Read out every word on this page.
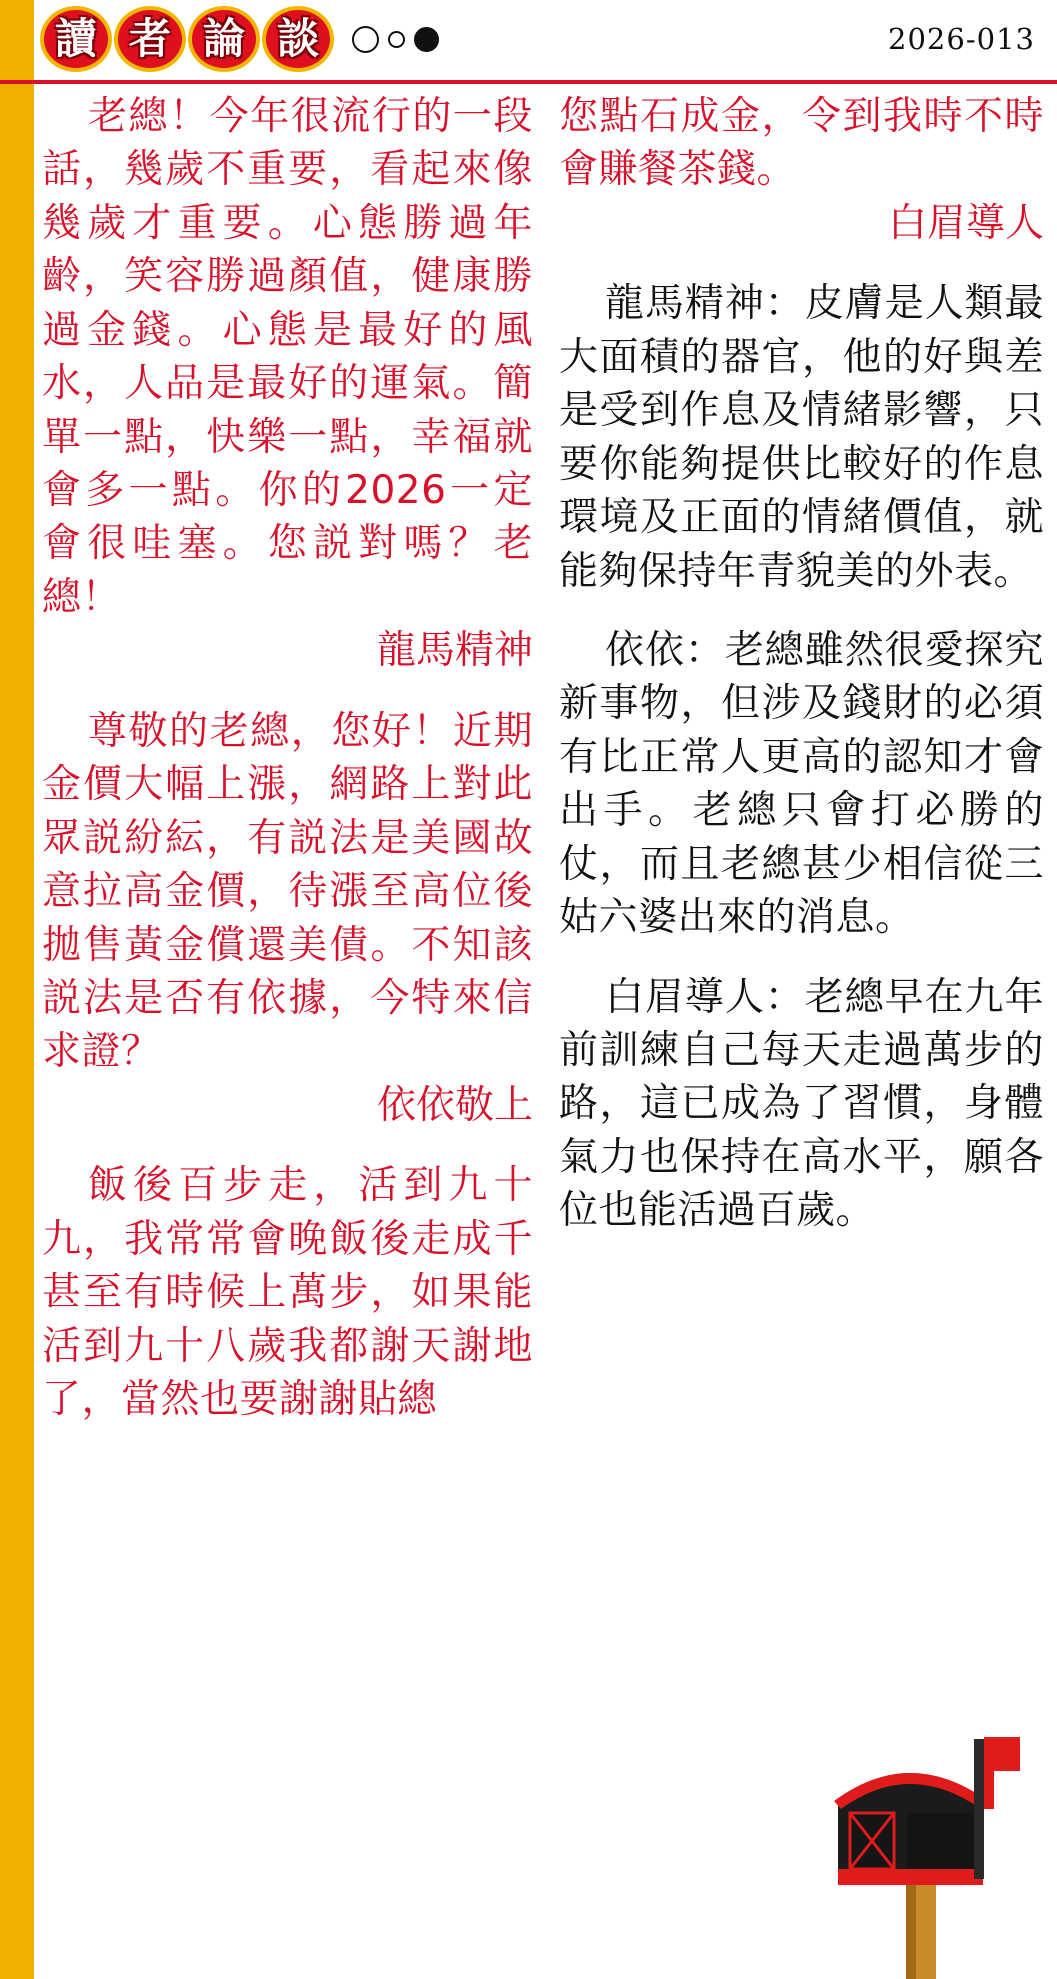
讀 者 論 談	2026-013

老總！今年很流行的一段話，幾歲不重要，看起來像幾歲才重要。心態勝過年齡，笑容勝過顏值，健康勝過金錢。心態是最好的風水，人品是最好的運氣。簡單一點，快樂一點，幸福就會多一點。你的2026一定會很哇塞。您説對嗎？老總！

龍馬精神

尊敬的老總，您好！近期金價大幅上漲，網路上對此眾説紛紜，有説法是美國故意拉高金價，待漲至高位後拋售黃金償還美債。不知該説法是否有依據，今特來信求證？

依依敬上

飯後百步走，活到九十九，我常常會晚飯後走成千甚至有時候上萬步，如果能活到九十八歲我都謝天謝地了，當然也要謝謝貼總

您點石成金，令到我時不時會賺餐茶錢。

白眉導人

龍馬精神：皮膚是人類最大面積的器官，他的好與差是受到作息及情緒影響，只要你能夠提供比較好的作息環境及正面的情緒價值，就能夠保持年青貌美的外表。

依依：老總雖然很愛探究新事物，但涉及錢財的必須有比正常人更高的認知才會出手。老總只會打必勝的仗，而且老總甚少相信從三姑六婆出來的消息。

白眉導人：老總早在九年前訓練自己每天走過萬步的路，這已成為了習慣，身體氣力也保持在高水平，願各位也能活過百歲。
